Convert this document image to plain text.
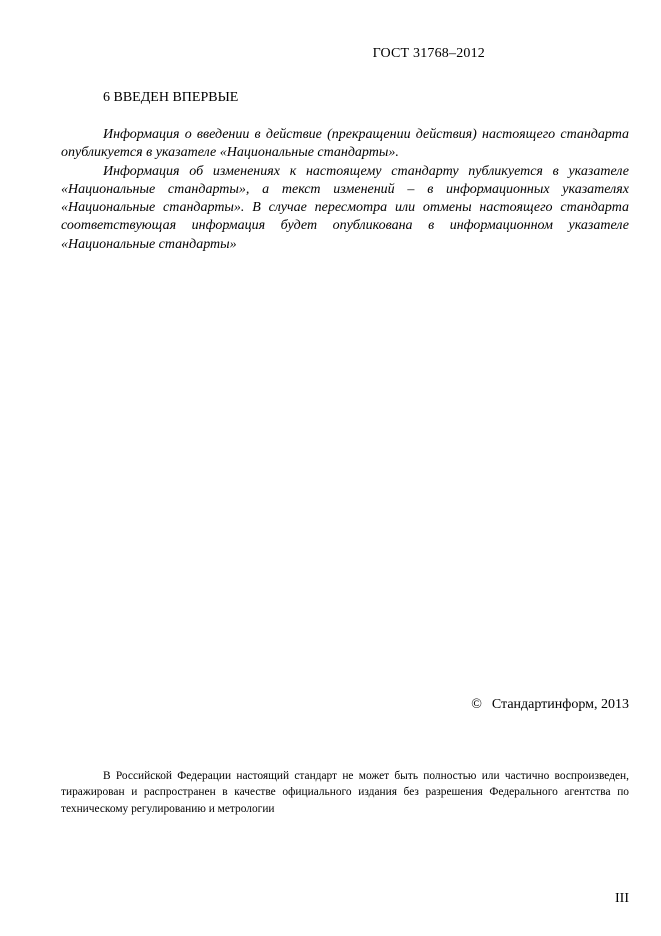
ГОСТ 31768–2012
6 ВВЕДЕН ВПЕРВЫЕ

Информация о введении в действие (прекращении действия) настоящего стандарта опубликуется в указателе «Национальные стандарты».

Информация об изменениях к настоящему стандарту публикуется в указателе «Национальные стандарты», а текст изменений – в информационных указателях «Национальные стандарты». В случае пересмотра или отмены настоящего стандарта соответствующая информация будет опубликована в информационном указателе «Национальные стандарты»

© Стандартинформ, 2013

В Российской Федерации настоящий стандарт не может быть полностью или частично воспроизведен, тиражирован и распространен в качестве официального издания без разрешения Федерального агентства по техническому регулированию и метрологии

III
